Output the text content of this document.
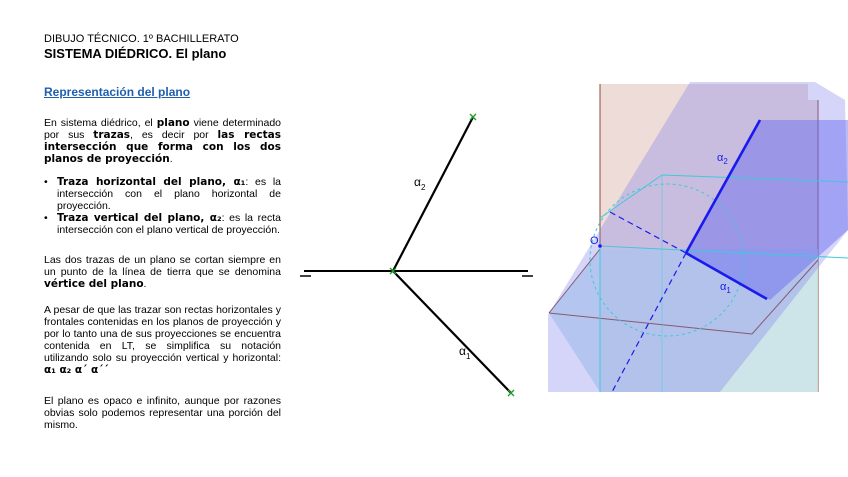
DIBUJO TÉCNICO. 1º BACHILLERATO
SISTEMA DIÉDRICO. El plano
Representación del plano
En sistema diédrico, el plano viene determinado por sus trazas, es decir por las rectas intersección que forma con los dos planos de proyección.
• Traza horizontal del plano, α₁: es la intersección con el plano horizontal de proyección.
• Traza vertical del plano, α₂: es la recta intersección con el plano vertical de proyección.
Las dos trazas de un plano se cortan siempre en un punto de la línea de tierra que se denomina vértice del plano.
A pesar de que las trazar son rectas horizontales y frontales contenidas en los planos de proyección y por lo tanto una de sus proyecciones se encuentra contenida en LT, se simplifica su notación utilizando solo su proyección vertical y horizontal: α₁ α₂ α´ α´´
El plano es opaco e infinito, aunque por razones obvias solo podemos representar una porción del mismo.
$\alpha_2$
$\alpha_1$
O
$\alpha_2$
$\alpha_1$
